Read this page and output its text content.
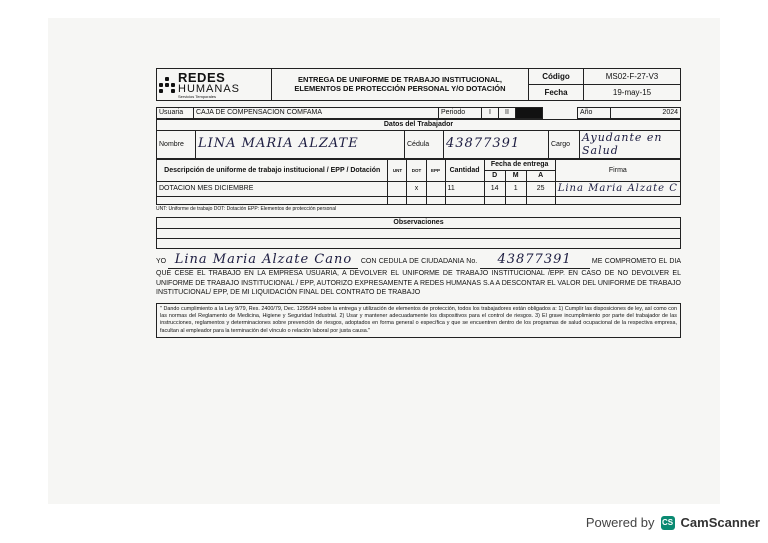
REDES
HUMANAS
Servicios Temporales	ENTREGA DE UNIFORME DE TRABAJO INSTITUCIONAL, ELEMENTOS DE PROTECCIÓN PERSONAL Y/O DOTACIÓN	Código	MS02-F-27-V3
		Fecha	19-may-15
Usuaria	CAJA DE COMPENSACION COMFAMA	Periodo	I	II			Año	2024
Datos del Trabajador
Nombre	LINA MARIA ALZATE	Cédula	43877391	Cargo	Ayudante en Salud
Descripción de uniforme de trabajo institucional / EPP / Dotación	UNT	DOT	EPP	Cantidad	Fecha de entrega			Firma
					D	M	A	
DOTACION MES DICIEMBRE		x		11	14	1	25	Lina Maria Alzate C

UNT: Uniforme de trabajo DOT: Dotación EPP: Elementos de protección personal
Observaciones

YO Lina Maria Alzate Cano CON CEDULA DE CIUDADANIA No. 43877391	ME COMPROMETO EL DIA QUE CESE EL TRABAJO EN LA EMPRESA USUARIA, A DEVOLVER EL UNIFORME DE TRABAJO INSTITUCIONAL /EPP. EN CASO DE NO DEVOLVER EL UNIFORME DE TRABAJO INSTITUCIONAL / EPP, AUTORIZO EXPRESAMENTE A REDES HUMANAS S.A A DESCONTAR EL VALOR DEL UNIFORME DE TRABAJO INSTITUCIONAL/ EPP, DE MI LIQUIDACIÓN FINAL DEL CONTRATO DE TRABAJO
" Dando cumplimiento a la Ley 9/79, Res. 2400/79, Dec. 1295/94 sobre la entrega y utilización de elementos de protección, todos los trabajadores están obligados a: 1) Cumplir las disposiciones de ley, así como con las normas del Reglamento de Medicina, Higiene y Seguridad Industrial. 2) Usar y mantener adecuadamente los dispositivos para el control de riesgos. 3) El grave incumplimiento por parte del trabajador de las instrucciones, reglamentos y determinaciones sobre prevención de riesgos, adoptados en forma general o específica y que se encuentren dentro de los programas de salud ocupacional de la respectiva empresa, facultan al empleador para la terminación del vínculo o relación laboral por justa causa."
Powered by CS CamScanner
